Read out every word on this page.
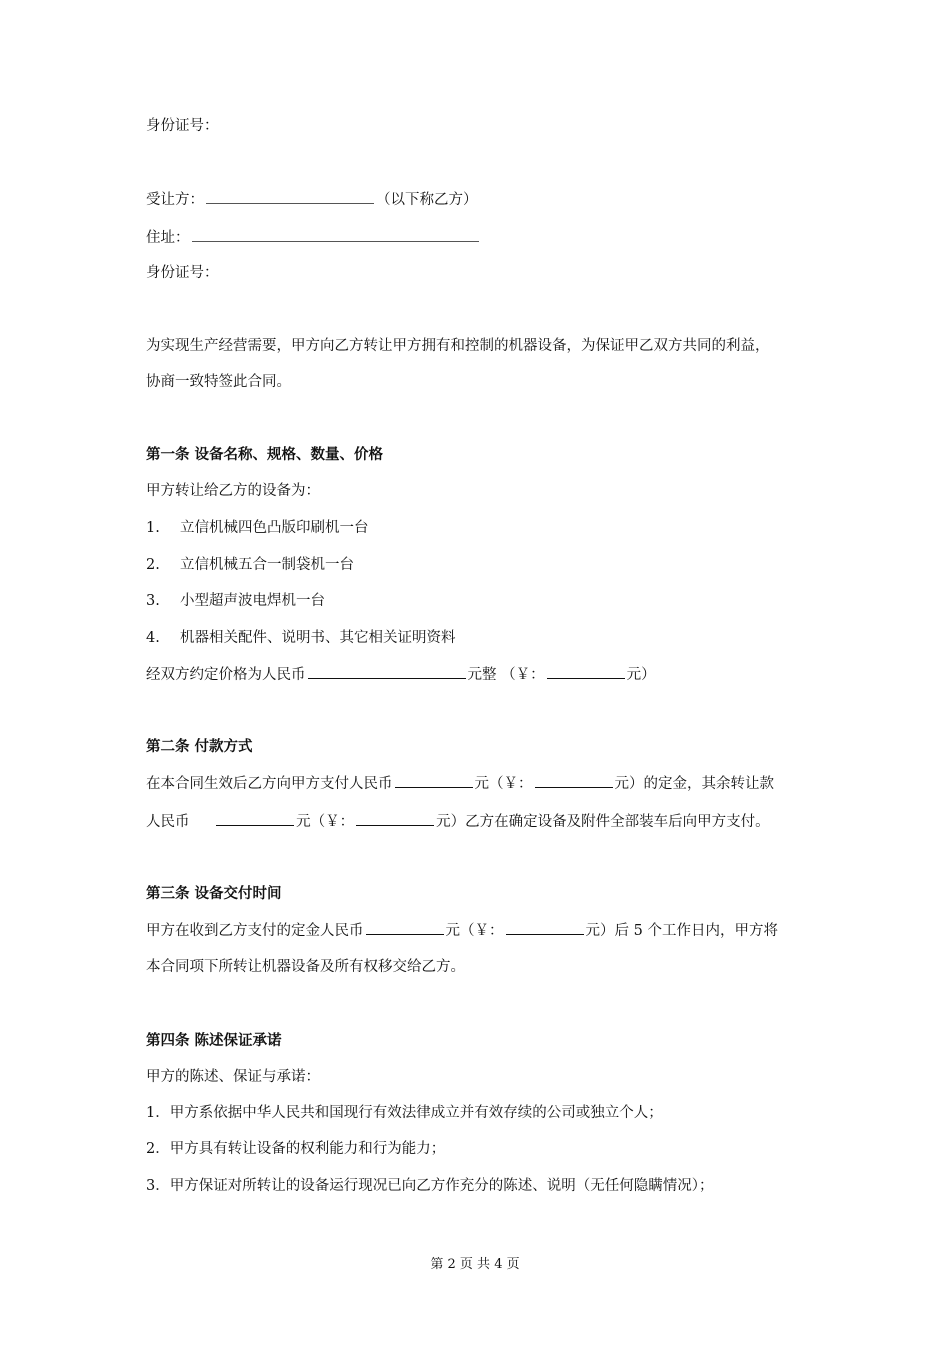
身份证号：
受让方：	（以下称乙方）
住址：
身份证号：
为实现生产经营需要，甲方向乙方转让甲方拥有和控制的机器设备，为保证甲乙双方共同的利益，
协商一致特签此合同。
第一条 设备名称、规格、数量、价格
甲方转让给乙方的设备为：
1. 立信机械四色凸版印刷机一台
2. 立信机械五合一制袋机一台
3. 小型超声波电焊机一台
4. 机器相关配件、说明书、其它相关证明资料
经双方约定价格为人民币	元整 （￥：	元）
第二条 付款方式
在本合同生效后乙方向甲方支付人民币	元（￥：	元）的定金，其余转让款
人民币	元（￥：	元）乙方在确定设备及附件全部装车后向甲方支付。
第三条 设备交付时间
甲方在收到乙方支付的定金人民币	元（￥：	元）后 5 个工作日内，甲方将
本合同项下所转让机器设备及所有权移交给乙方。
第四条 陈述保证承诺
甲方的陈述、保证与承诺：
1．甲方系依据中华人民共和国现行有效法律成立并有效存续的公司或独立个人；
2．甲方具有转让设备的权利能力和行为能力；
3．甲方保证对所转让的设备运行现况已向乙方作充分的陈述、说明（无任何隐瞒情况）；
第 2 页 共 4 页
